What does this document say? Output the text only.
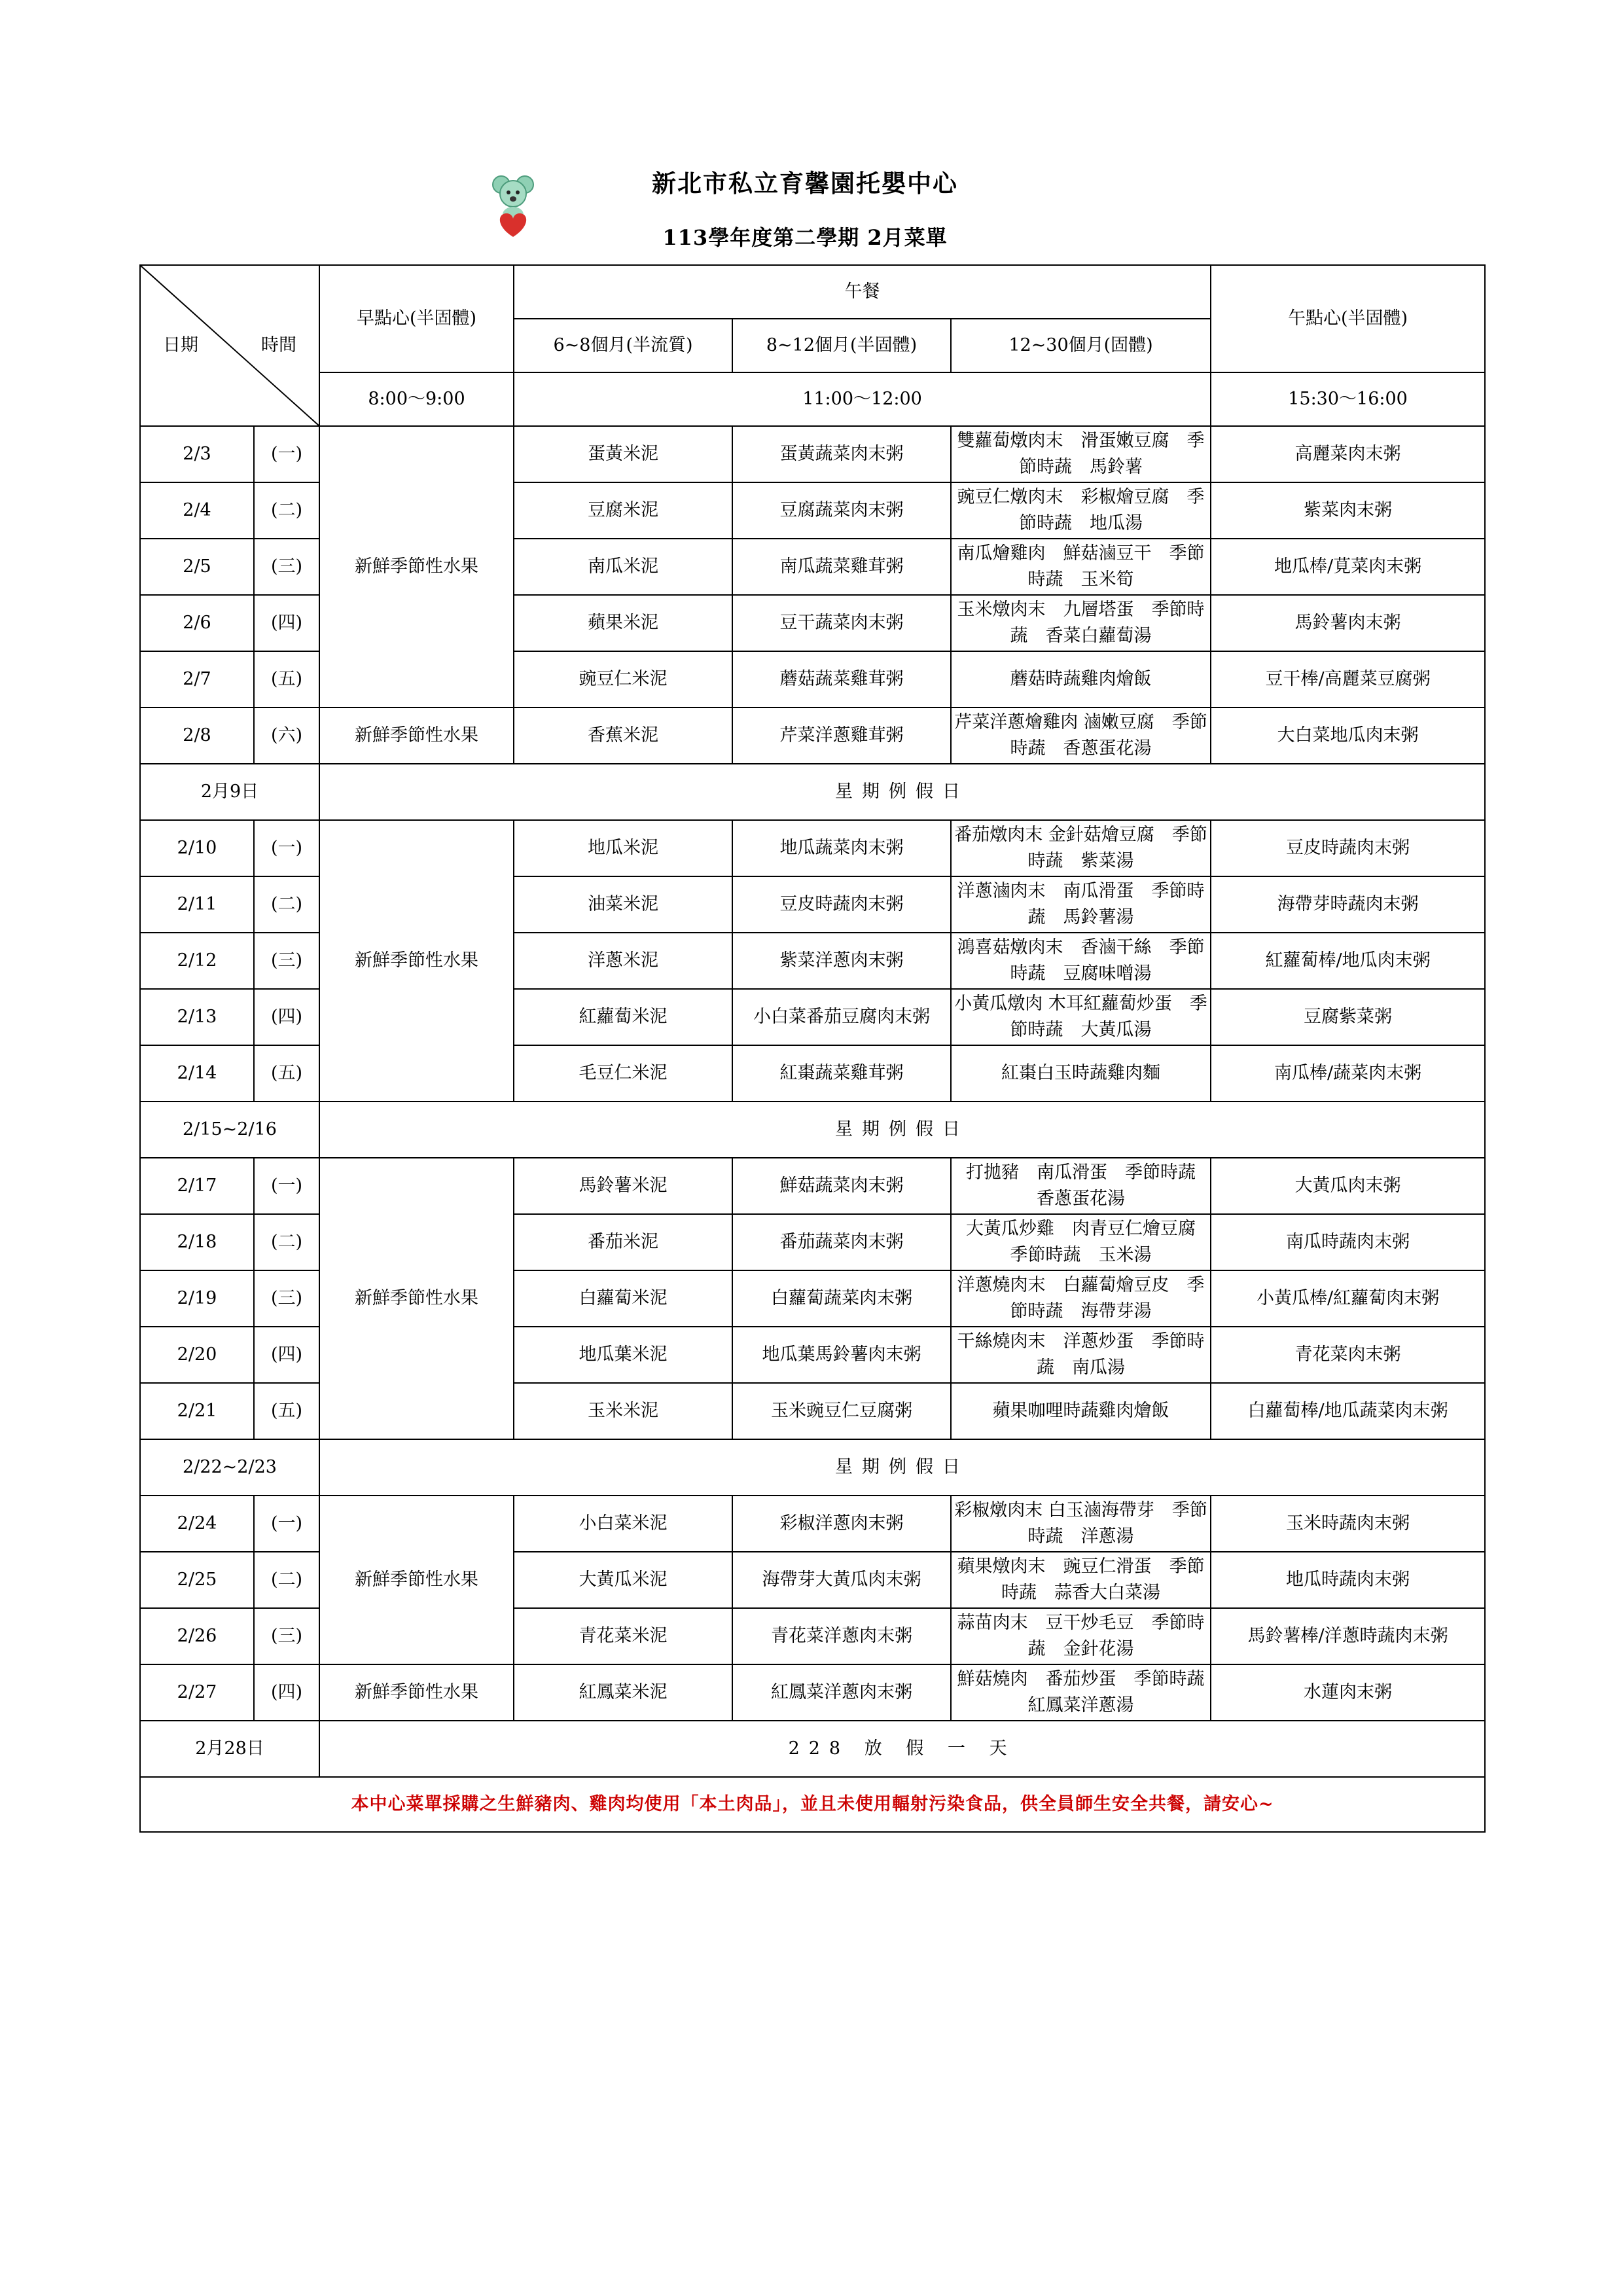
新北市私立育馨園托嬰中心
113學年度第二學期 2月菜單
日期 時間		早點心(半固體)	午餐			午點心(半固體)
			6~8個月(半流質)	8~12個月(半固體)	12~30個月(固體)	
		8:00～9:00	11:00～12:00			15:30～16:00
2/3	(一)	新鮮季節性水果	蛋黃米泥	蛋黃蔬菜肉末粥	雙蘿蔔燉肉末　滑蛋嫩豆腐　季節時蔬　馬鈴薯	高麗菜肉末粥
2/4	(二)		豆腐米泥	豆腐蔬菜肉末粥	豌豆仁燉肉末　彩椒燴豆腐　季節時蔬　地瓜湯	紫菜肉末粥
2/5	(三)		南瓜米泥	南瓜蔬菜雞茸粥	南瓜燴雞肉　鮮菇滷豆干　季節時蔬　玉米筍	地瓜棒/莧菜肉末粥
2/6	(四)		蘋果米泥	豆干蔬菜肉末粥	玉米燉肉末　九層塔蛋　季節時蔬　香菜白蘿蔔湯	馬鈴薯肉末粥
2/7	(五)		豌豆仁米泥	蘑菇蔬菜雞茸粥	蘑菇時蔬雞肉燴飯	豆干棒/高麗菜豆腐粥
2/8	(六)	新鮮季節性水果	香蕉米泥	芹菜洋蔥雞茸粥	芹菜洋蔥燴雞肉 滷嫩豆腐　季節時蔬　香蔥蛋花湯	大白菜地瓜肉末粥
2月9日		星期例假日				
2/10	(一)	新鮮季節性水果	地瓜米泥	地瓜蔬菜肉末粥	番茄燉肉末 金針菇燴豆腐　季節時蔬　紫菜湯	豆皮時蔬肉末粥
2/11	(二)		油菜米泥	豆皮時蔬肉末粥	洋蔥滷肉末　南瓜滑蛋　季節時蔬　馬鈴薯湯	海帶芽時蔬肉末粥
2/12	(三)		洋蔥米泥	紫菜洋蔥肉末粥	鴻喜菇燉肉末　香滷干絲　季節時蔬　豆腐味噌湯	紅蘿蔔棒/地瓜肉末粥
2/13	(四)		紅蘿蔔米泥	小白菜番茄豆腐肉末粥	小黃瓜燉肉 木耳紅蘿蔔炒蛋　季節時蔬　大黃瓜湯	豆腐紫菜粥
2/14	(五)		毛豆仁米泥	紅棗蔬菜雞茸粥	紅棗白玉時蔬雞肉麵	南瓜棒/蔬菜肉末粥
2/15~2/16		星期例假日				
2/17	(一)	新鮮季節性水果	馬鈴薯米泥	鮮菇蔬菜肉末粥	打拋豬　南瓜滑蛋　季節時蔬　香蔥蛋花湯	大黃瓜肉末粥
2/18	(二)		番茄米泥	番茄蔬菜肉末粥	大黃瓜炒雞　肉青豆仁燴豆腐　季節時蔬　玉米湯	南瓜時蔬肉末粥
2/19	(三)		白蘿蔔米泥	白蘿蔔蔬菜肉末粥	洋蔥燒肉末　白蘿蔔燴豆皮　季節時蔬　海帶芽湯	小黃瓜棒/紅蘿蔔肉末粥
2/20	(四)		地瓜葉米泥	地瓜葉馬鈴薯肉末粥	干絲燒肉末　洋蔥炒蛋　季節時蔬　南瓜湯	青花菜肉末粥
2/21	(五)		玉米米泥	玉米豌豆仁豆腐粥	蘋果咖哩時蔬雞肉燴飯	白蘿蔔棒/地瓜蔬菜肉末粥
2/22~2/23		星期例假日				
2/24	(一)	新鮮季節性水果	小白菜米泥	彩椒洋蔥肉末粥	彩椒燉肉末 白玉滷海帶芽　季節時蔬　洋蔥湯	玉米時蔬肉末粥
2/25	(二)		大黃瓜米泥	海帶芽大黃瓜肉末粥	蘋果燉肉末　豌豆仁滑蛋　季節時蔬　蒜香大白菜湯	地瓜時蔬肉末粥
2/26	(三)		青花菜米泥	青花菜洋蔥肉末粥	蒜苗肉末　豆干炒毛豆　季節時蔬　金針花湯	馬鈴薯棒/洋蔥時蔬肉末粥
2/27	(四)	新鮮季節性水果	紅鳳菜米泥	紅鳳菜洋蔥肉末粥	鮮菇燒肉　番茄炒蛋　季節時蔬　紅鳳菜洋蔥湯	水蓮肉末粥
2月28日		228 放 假 一 天				
本中心菜單採購之生鮮豬肉、雞肉均使用「本土肉品」，並且未使用輻射污染食品，供全員師生安全共餐，請安心~						
